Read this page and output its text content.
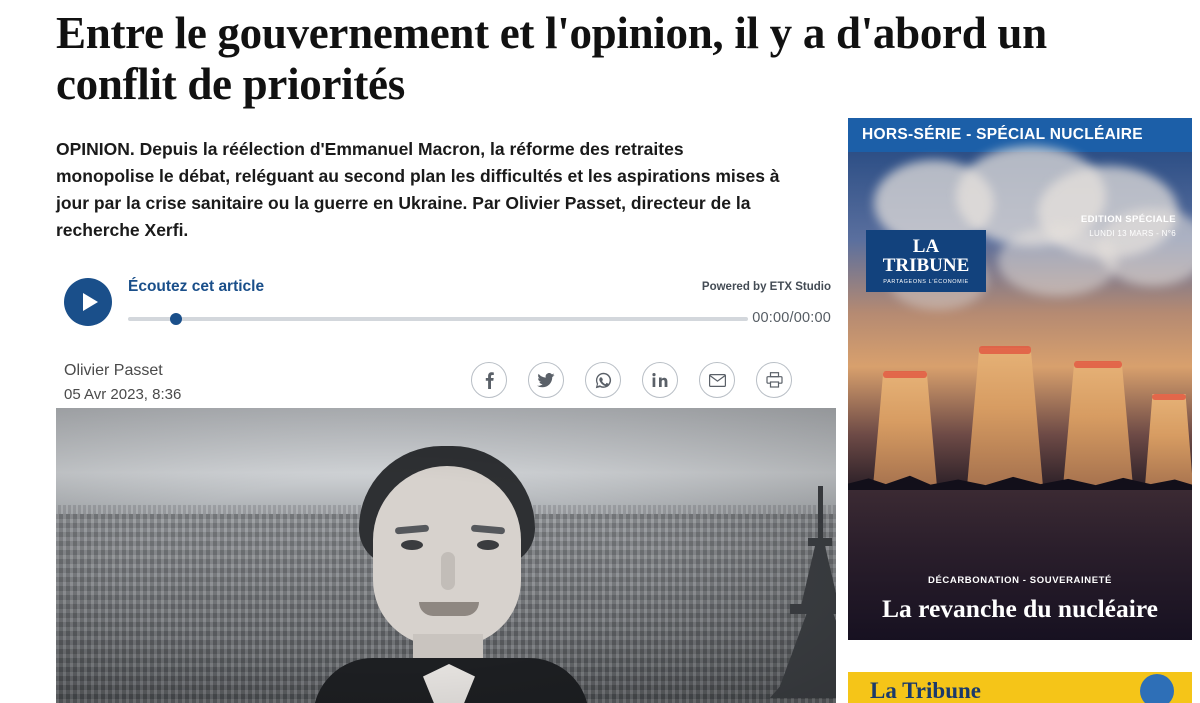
Entre le gouvernement et l'opinion, il y a d'abord un conflit de priorités

OPINION. Depuis la réélection d'Emmanuel Macron, la réforme des retraites monopolise le débat, reléguant au second plan les difficultés et les aspirations mises à jour par la crise sanitaire ou la guerre en Ukraine. Par Olivier Passet, directeur de la recherche Xerfi.

Écoutez cet article	Powered by ETX Studio
00:00/00:00
Olivier Passet
05 Avr 2023, 8:36
HORS-SÉRIE - SPÉCIAL NUCLÉAIRE
LA
TRIBUNE
PARTAGEONS L'ÉCONOMIE
EDITION SPÉCIALE
LUNDI 13 MARS - N°6
DÉCARBONATION - SOUVERAINETÉ
La revanche du nucléaire
La Tribune
